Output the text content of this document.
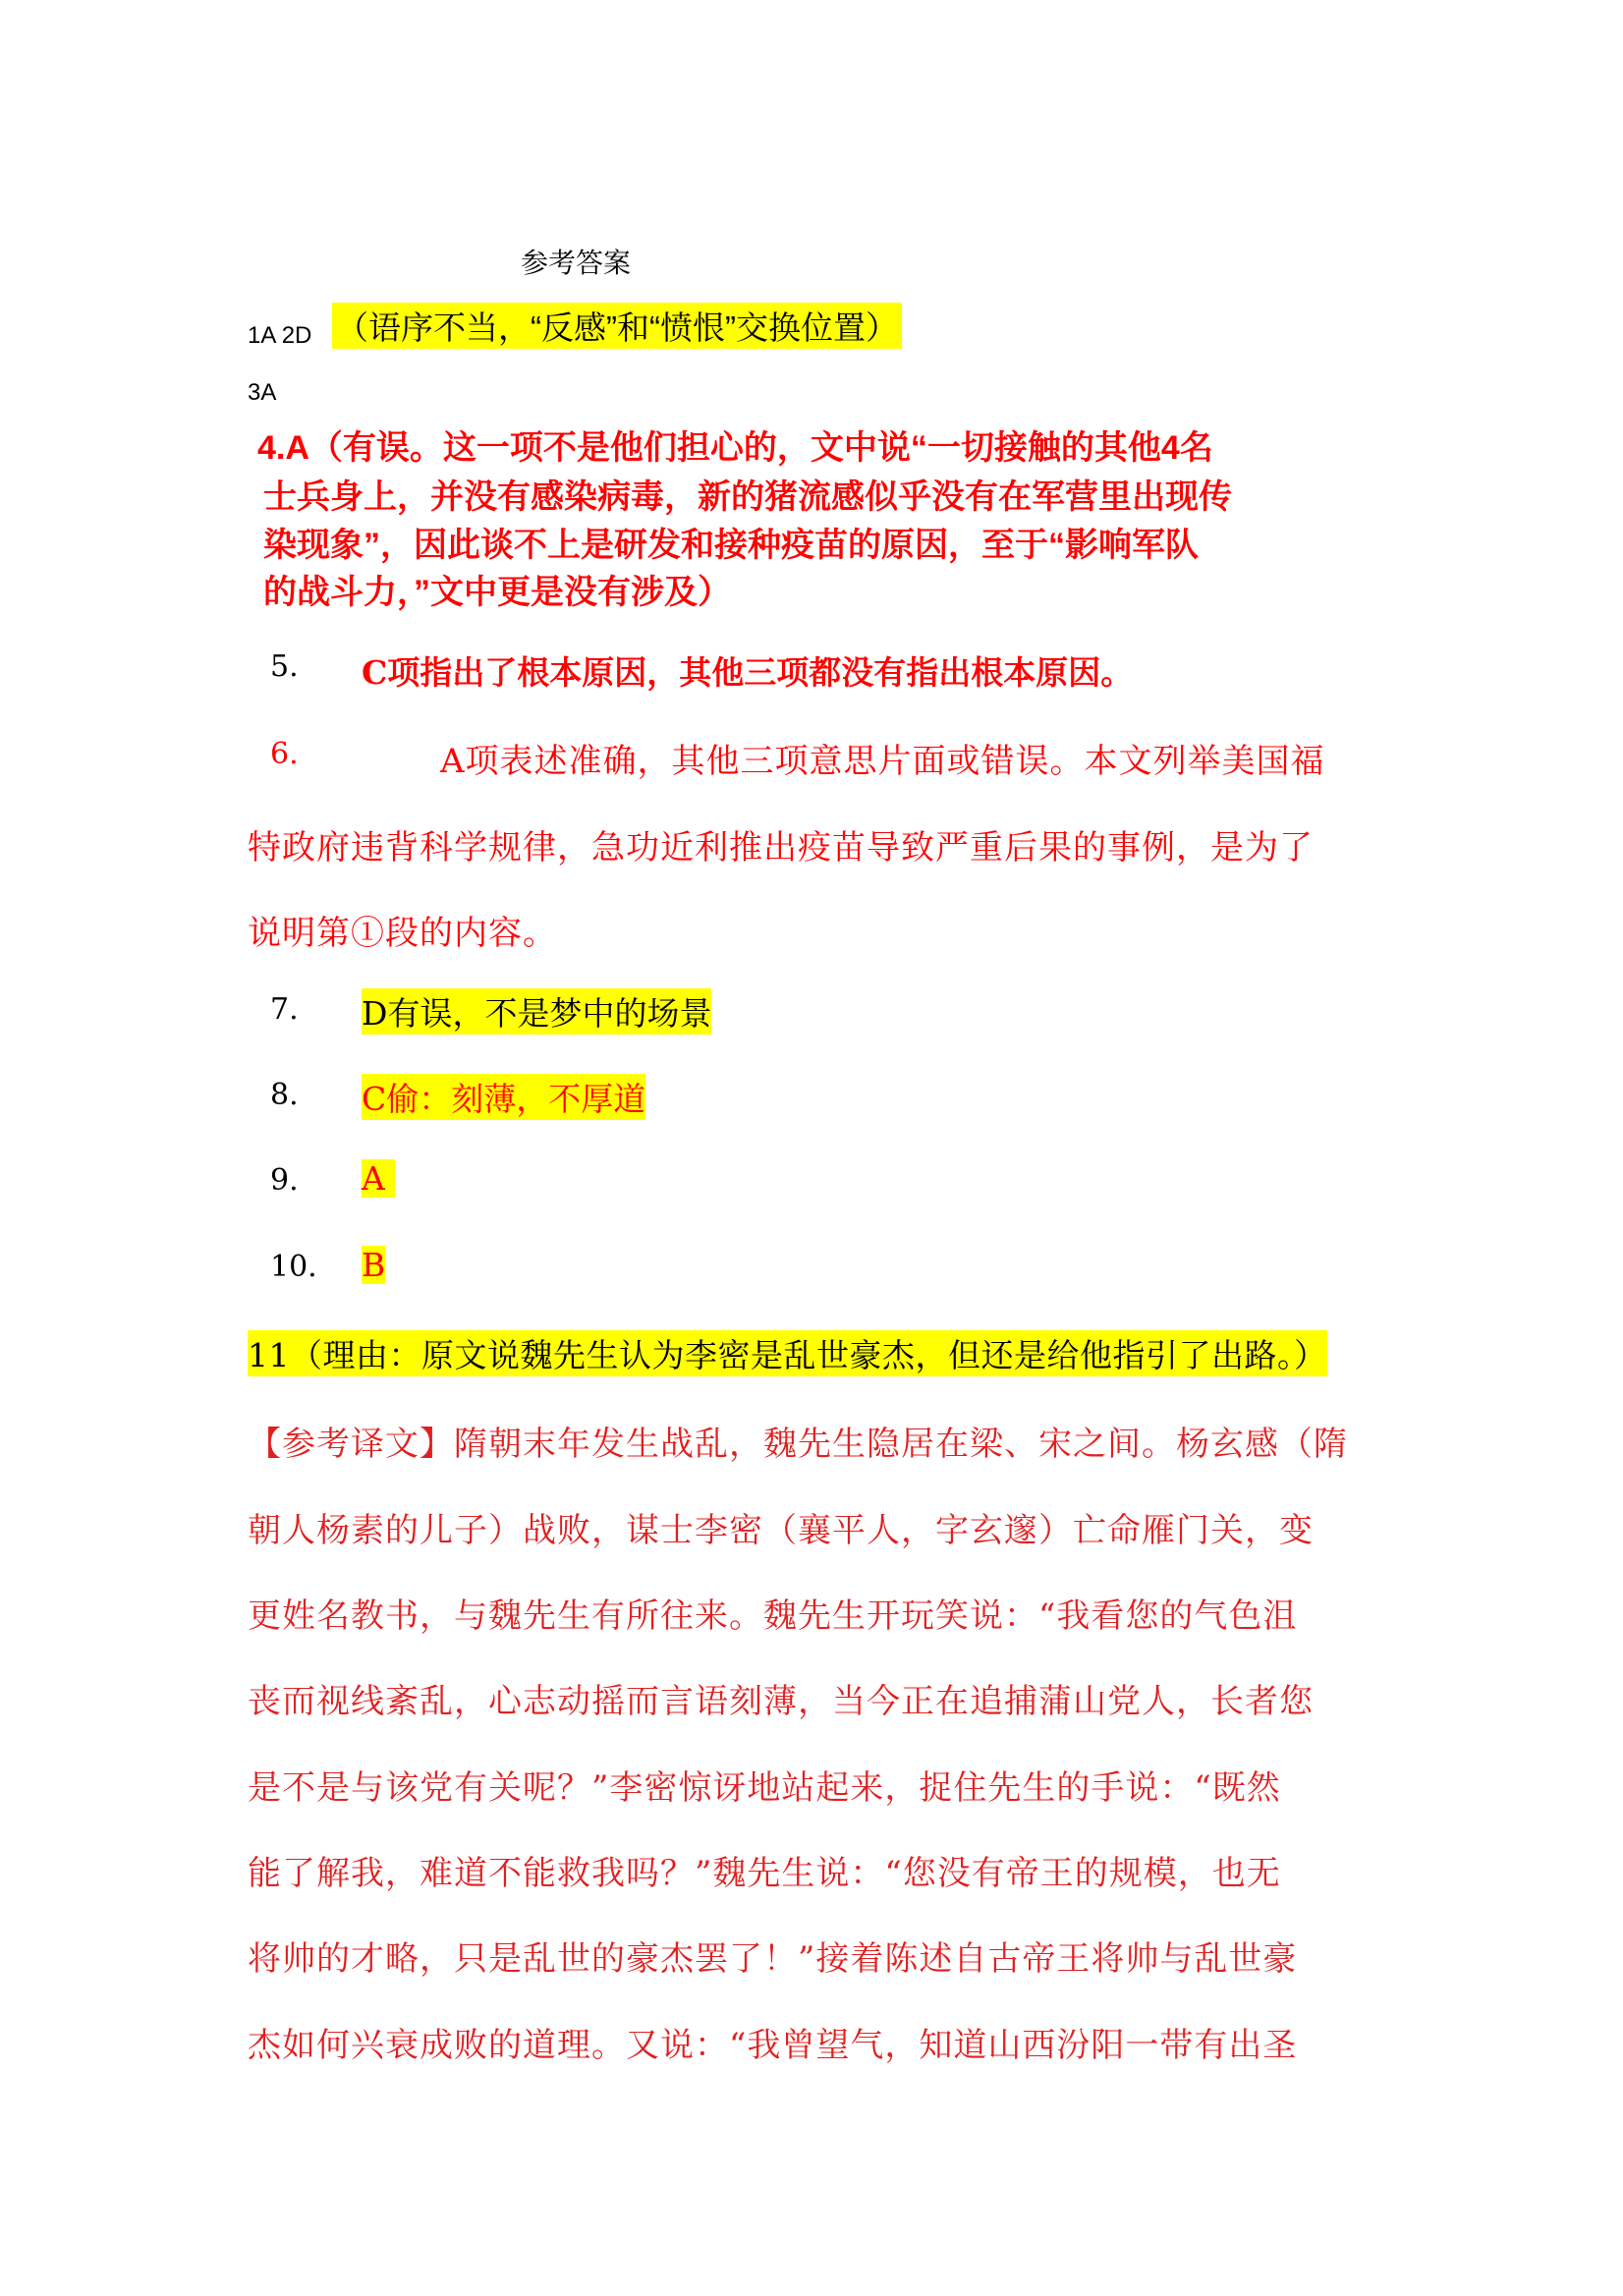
参考答案
1A 2D （语序不当，“反感”和“愤恨”交换位置）
3A
4.A（有误。这一项不是他们担心的，文中说“一切接触的其他4名
士兵身上，并没有感染病毒，新的猪流感似乎没有在军营里出现传
染现象”，因此谈不上是研发和接种疫苗的原因，至于“影响军队
的战斗力，”文中更是没有涉及）
5. C项指出了根本原因，其他三项都没有指出根本原因。
6.	A项表述准确，其他三项意思片面或错误。本文列举美国福
特政府违背科学规律，急功近利推出疫苗导致严重后果的事例，是为了
说明第①段的内容。
7. D有误，不是梦中的场景
8. C偷：刻薄，不厚道
9. A
10. B
11（理由：原文说魏先生认为李密是乱世豪杰，但还是给他指引了出路。）
【参考译文】隋朝末年发生战乱，魏先生隐居在梁、宋之间。杨玄感（隋
朝人杨素的儿子）战败，谋士李密（襄平人，字玄邃）亡命雁门关，变
更姓名教书，与魏先生有所往来。魏先生开玩笑说：“我看您的气色沮
丧而视线紊乱，心志动摇而言语刻薄，当今正在追捕蒲山党人，长者您
是不是与该党有关呢？”李密惊讶地站起来，捉住先生的手说：“既然
能了解我，难道不能救我吗？”魏先生说：“您没有帝王的规模，也无
将帅的才略，只是乱世的豪杰罢了！”接着陈述自古帝王将帅与乱世豪
杰如何兴衰成败的道理。又说：“我曾望气，知道山西汾阳一带有出圣
